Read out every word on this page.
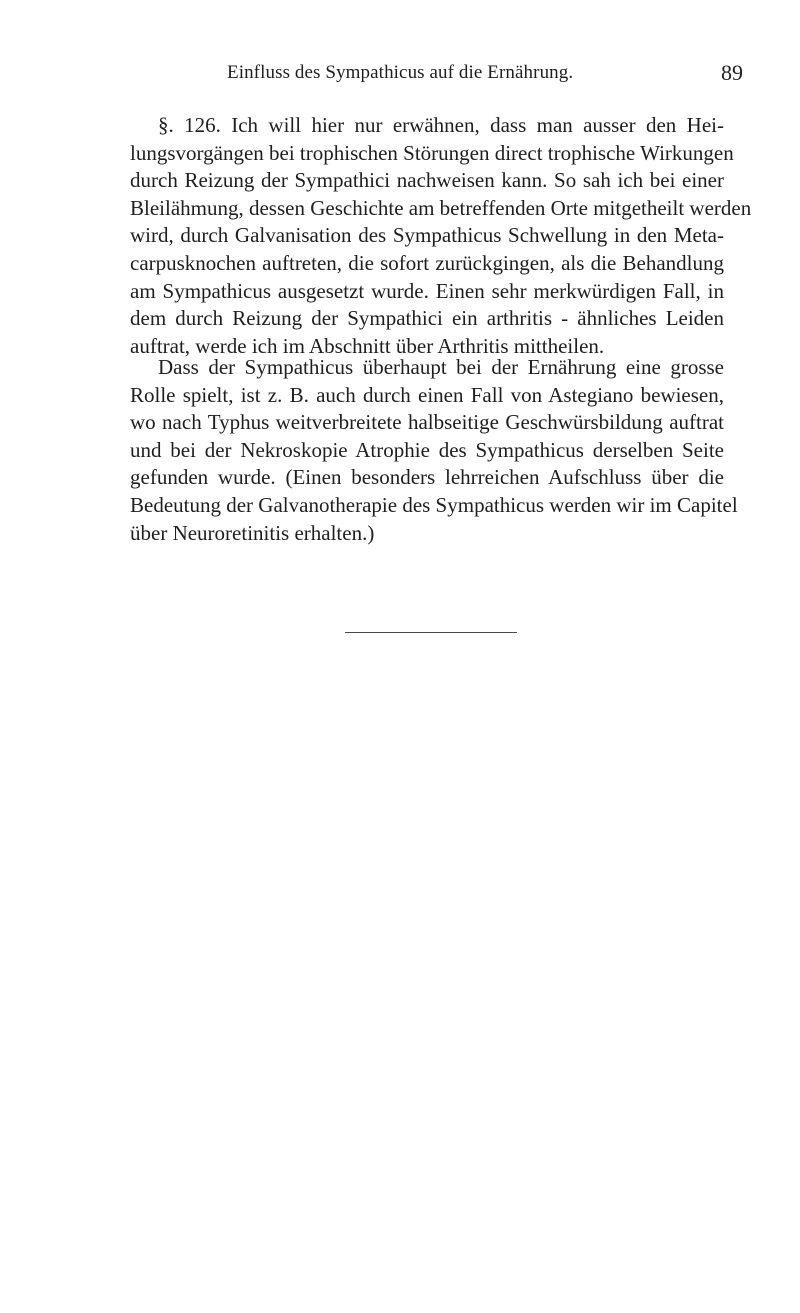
Einfluss des Sympathicus auf die Ernährung.	89
§. 126. Ich will hier nur erwähnen, dass man ausser den Hei-
lungsvorgängen bei trophischen Störungen direct trophische Wirkungen
durch Reizung der Sympathici nachweisen kann. So sah ich bei einer
Bleilähmung, dessen Geschichte am betreffenden Orte mitgetheilt werden
wird, durch Galvanisation des Sympathicus Schwellung in den Meta-
carpusknochen auftreten, die sofort zurückgingen, als die Behandlung
am Sympathicus ausgesetzt wurde. Einen sehr merkwürdigen Fall, in
dem durch Reizung der Sympathici ein arthritis - ähnliches Leiden
auftrat, werde ich im Abschnitt über Arthritis mittheilen.
Dass der Sympathicus überhaupt bei der Ernährung eine grosse
Rolle spielt, ist z. B. auch durch einen Fall von Astegiano bewiesen,
wo nach Typhus weitverbreitete halbseitige Geschwürsbildung auftrat
und bei der Nekroskopie Atrophie des Sympathicus derselben Seite
gefunden wurde. (Einen besonders lehrreichen Aufschluss über die
Bedeutung der Galvanotherapie des Sympathicus werden wir im Capitel
über Neuroretinitis erhalten.)
